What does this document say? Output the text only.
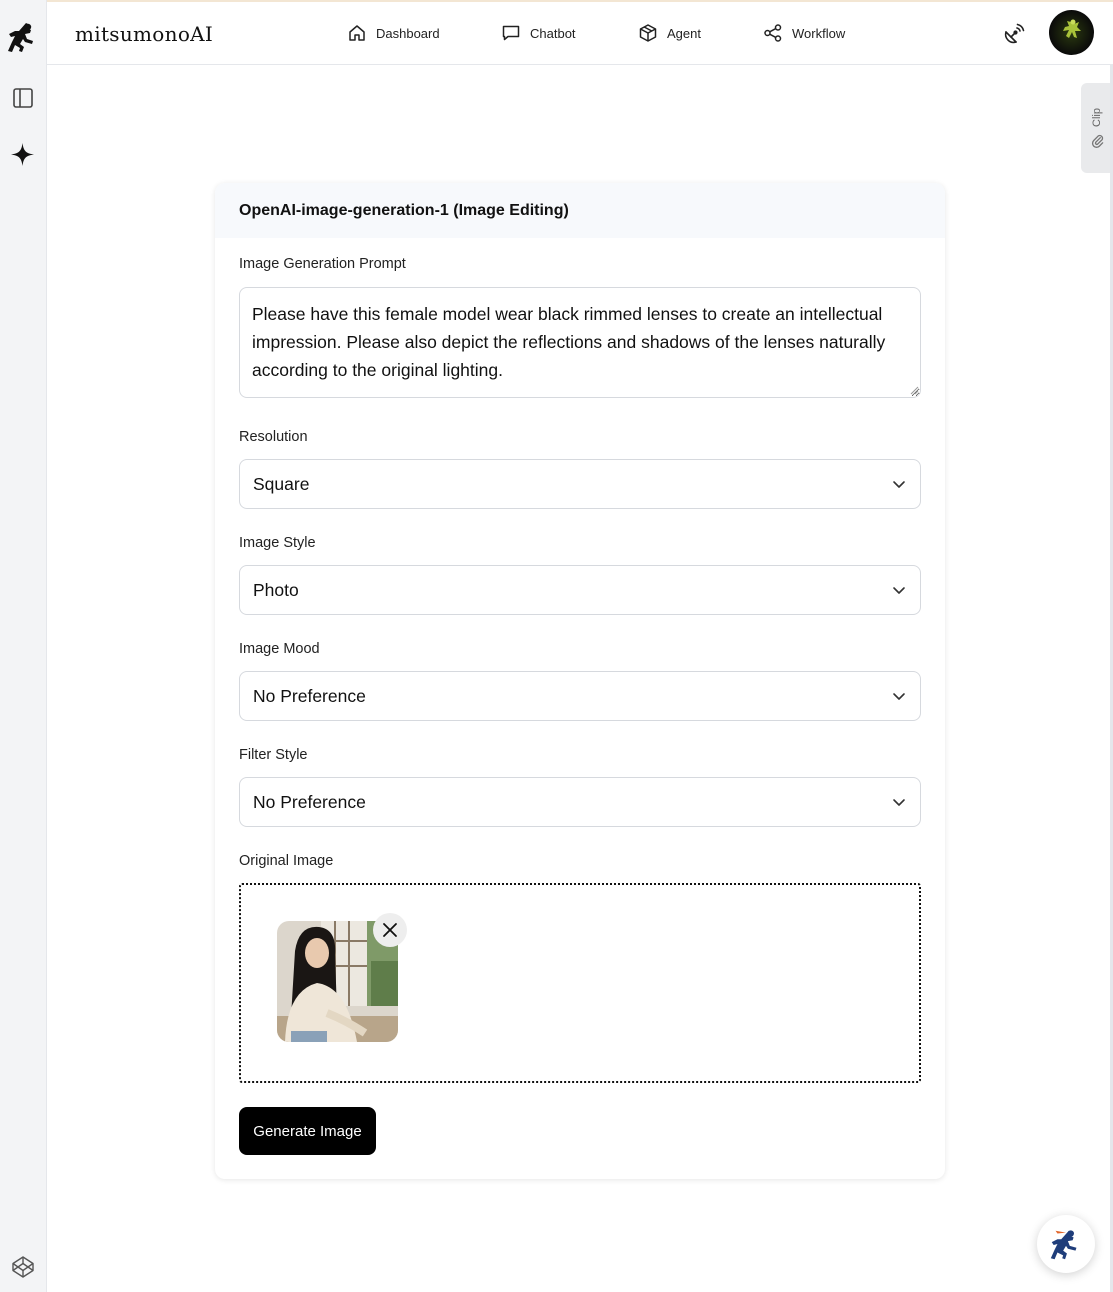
mitsumonoAI	Dashboard	Chatbot	Agent	Workflow
Clip
OpenAI-image-generation-1 (Image Editing)
Image Generation Prompt
Please have this female model wear black rimmed lenses to create an intellectual impression. Please also depict the reflections and shadows of the lenses naturally according to the original lighting.
Resolution
Square
Image Style
Photo
Image Mood
No Preference
Filter Style
No Preference
Original Image
Generate Image
